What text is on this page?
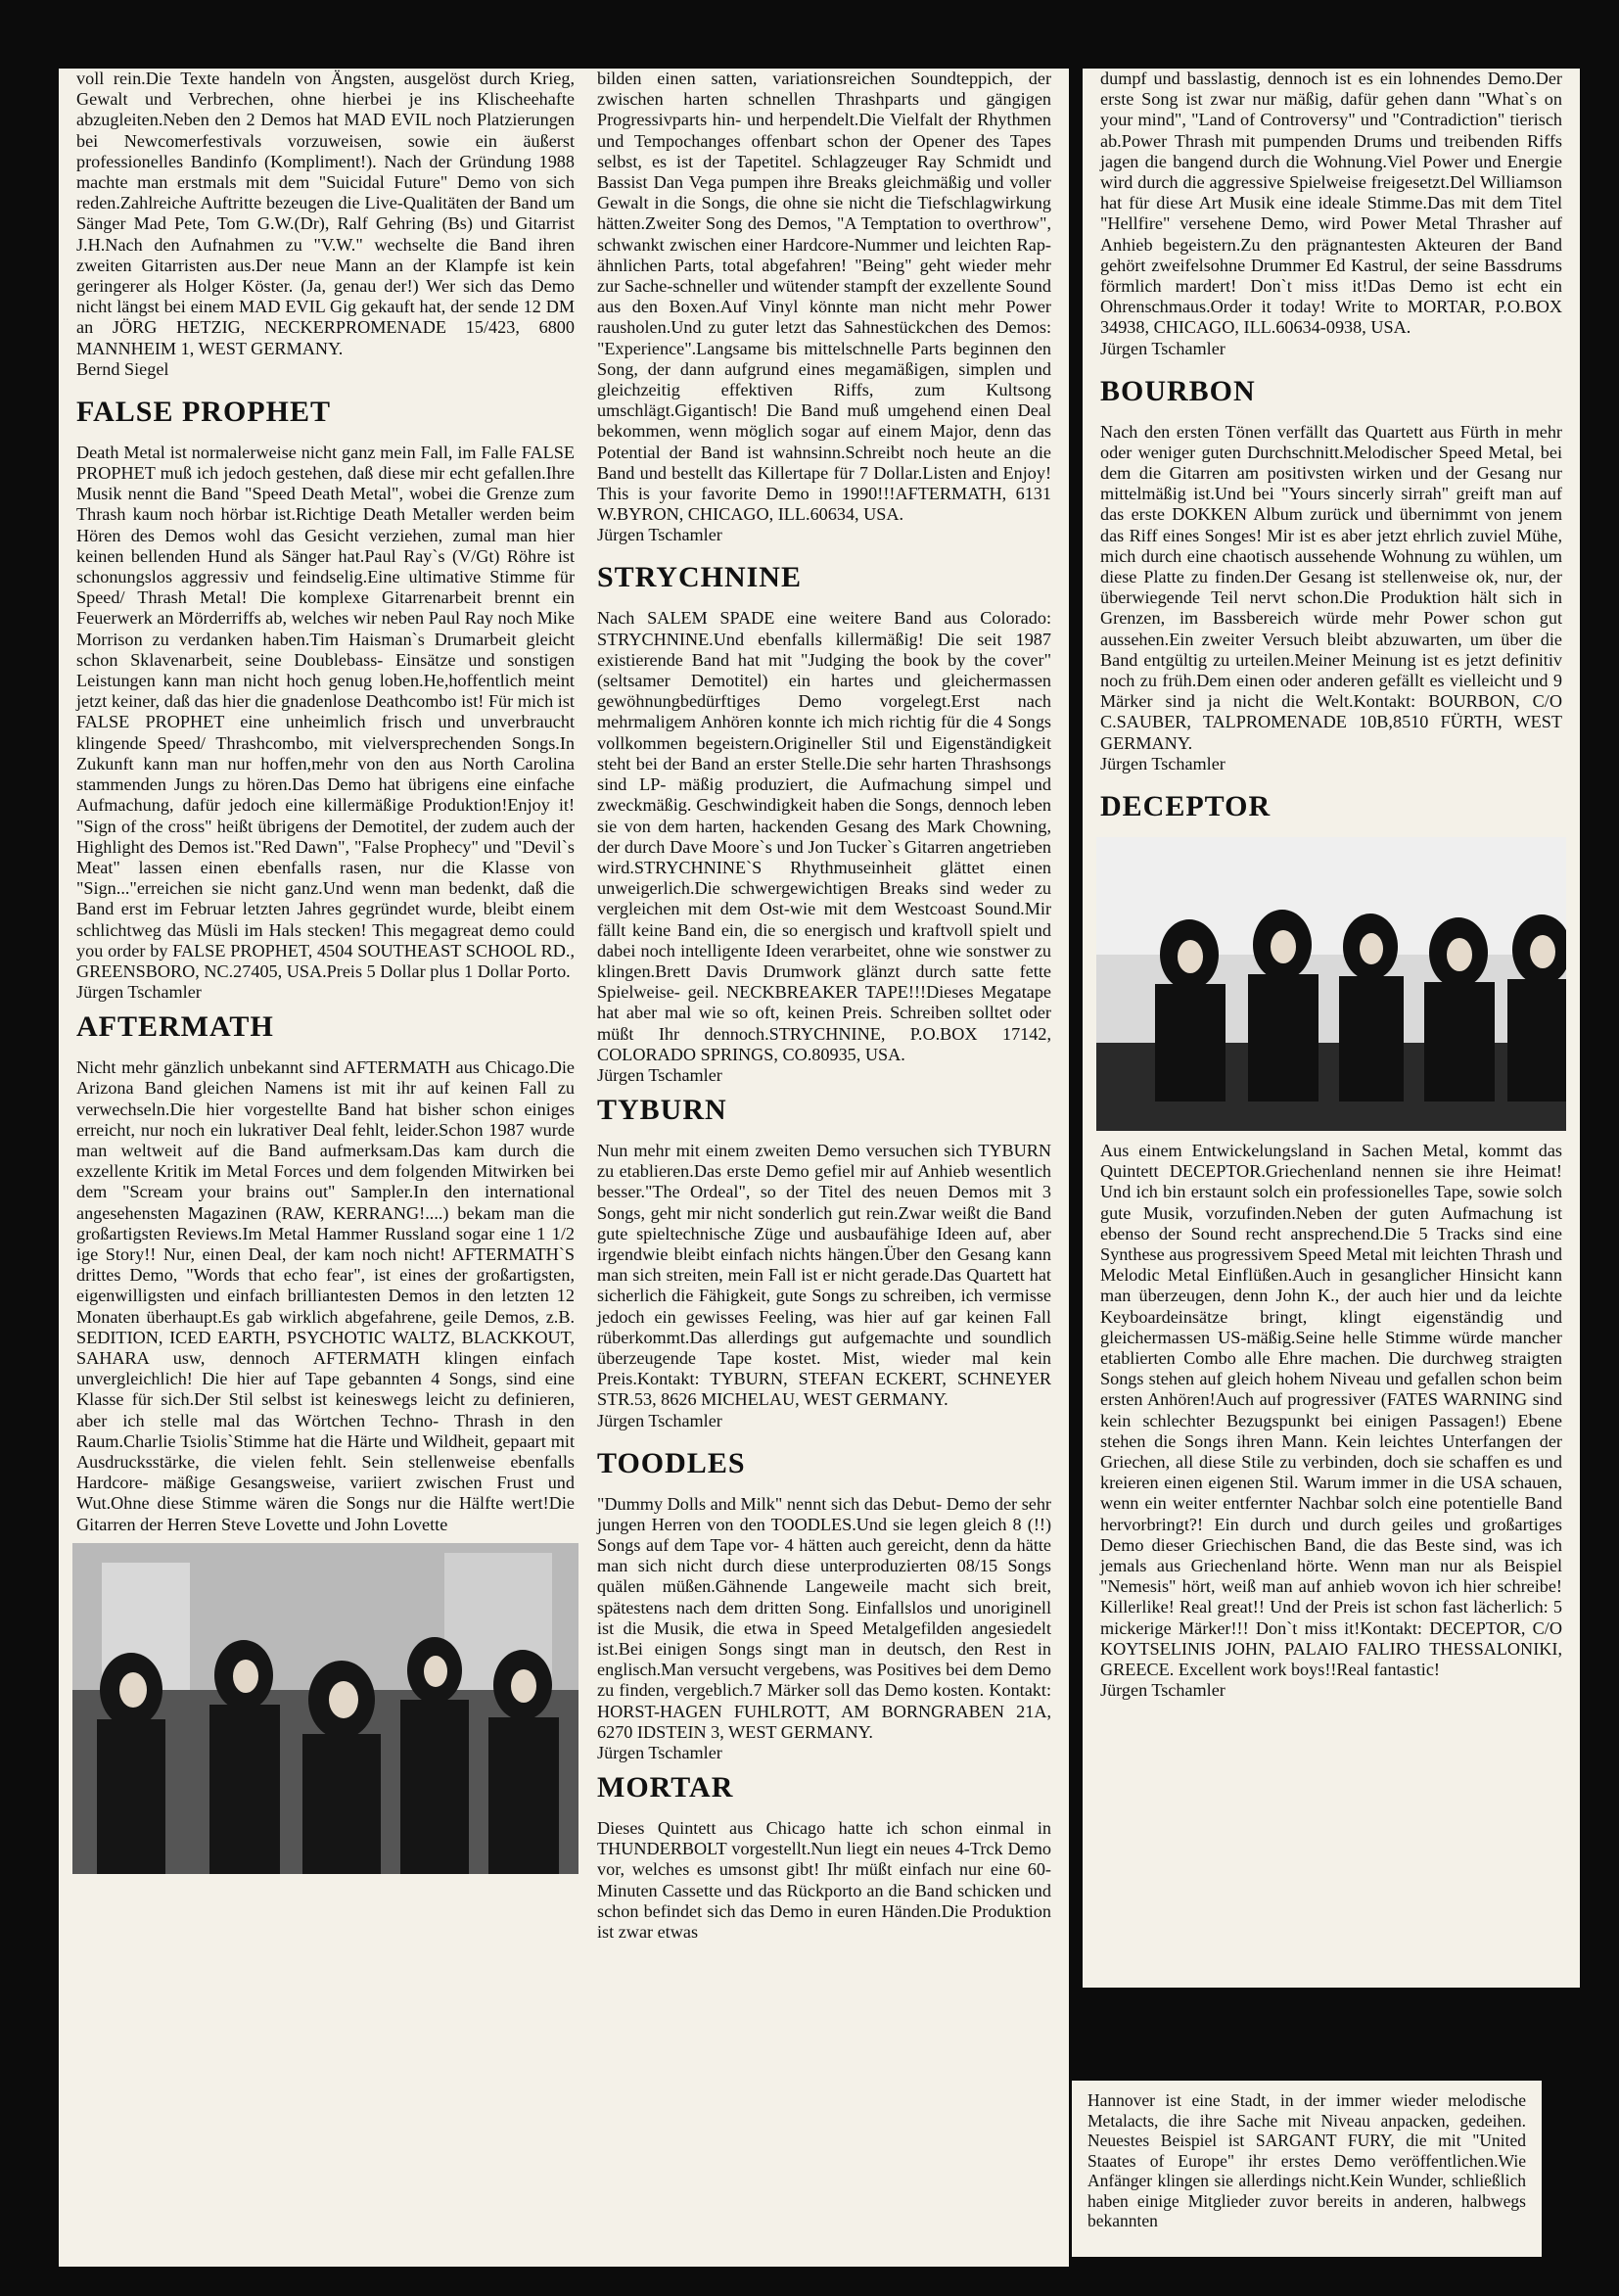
voll rein.Die Texte handeln von Ängsten, ausgelöst durch Krieg, Gewalt und Verbrechen, ohne hierbei je ins Klischeehafte abzugleiten.Neben den 2 Demos hat MAD EVIL noch Platzierungen bei Newcomerfestivals vorzuweisen, sowie ein äußerst professionelles Bandinfo (Kompliment!). Nach der Gründung 1988 machte man erstmals mit dem "Suicidal Future" Demo von sich reden.Zahlreiche Auftritte bezeugen die Live-Qualitäten der Band um Sänger Mad Pete, Tom G.W.(Dr), Ralf Gehring (Bs) und Gitarrist J.H.Nach den Aufnahmen zu "V.W." wechselte die Band ihren zweiten Gitarristen aus.Der neue Mann an der Klampfe ist kein geringerer als Holger Köster. (Ja, genau der!) Wer sich das Demo nicht längst bei einem MAD EVIL Gig gekauft hat, der sende 12 DM an JÖRG HETZIG, NECKERPROMENADE 15/423, 6800 MANNHEIM 1, WEST GERMANY.

Bernd Siegel

FALSE PROPHET

Death Metal ist normalerweise nicht ganz mein Fall, im Falle FALSE PROPHET muß ich jedoch gestehen, daß diese mir echt gefallen.Ihre Musik nennt die Band "Speed Death Metal", wobei die Grenze zum Thrash kaum noch hörbar ist.Richtige Death Metaller werden beim Hören des Demos wohl das Gesicht verziehen, zumal man hier keinen bellenden Hund als Sänger hat.Paul Ray`s (V/Gt) Röhre ist schonungslos aggressiv und feindselig.Eine ultimative Stimme für Speed/ Thrash Metal! Die komplexe Gitarrenarbeit brennt ein Feuerwerk an Mörderriffs ab, welches wir neben Paul Ray noch Mike Morrison zu verdanken haben.Tim Haisman`s Drumarbeit gleicht schon Sklavenarbeit, seine Doublebass- Einsätze und sonstigen Leistungen kann man nicht hoch genug loben.He,hoffentlich meint jetzt keiner, daß das hier die gnadenlose Deathcombo ist! Für mich ist FALSE PROPHET eine unheimlich frisch und unverbraucht klingende Speed/ Thrashcombo, mit vielversprechenden Songs.In Zukunft kann man nur hoffen,mehr von den aus North Carolina stammenden Jungs zu hören.Das Demo hat übrigens eine einfache Aufmachung, dafür jedoch eine killermäßige Produktion!Enjoy it! "Sign of the cross" heißt übrigens der Demotitel, der zudem auch der Highlight des Demos ist."Red Dawn", "False Prophecy" und "Devil`s Meat" lassen einen ebenfalls rasen, nur die Klasse von "Sign..."erreichen sie nicht ganz.Und wenn man bedenkt, daß die Band erst im Februar letzten Jahres gegründet wurde, bleibt einem schlichtweg das Müsli im Hals stecken! This megagreat demo could you order by FALSE PROPHET, 4504 SOUTHEAST SCHOOL RD., GREENSBORO, NC.27405, USA.Preis 5 Dollar plus 1 Dollar Porto.

Jürgen Tschamler

AFTERMATH

Nicht mehr gänzlich unbekannt sind AFTERMATH aus Chicago.Die Arizona Band gleichen Namens ist mit ihr auf keinen Fall zu verwechseln.Die hier vorgestellte Band hat bisher schon einiges erreicht, nur noch ein lukrativer Deal fehlt, leider.Schon 1987 wurde man weltweit auf die Band aufmerksam.Das kam durch die exzellente Kritik im Metal Forces und dem folgenden Mitwirken bei dem "Scream your brains out" Sampler.In den international angesehensten Magazinen (RAW, KERRANG!....) bekam man die großartigsten Reviews.Im Metal Hammer Russland sogar eine 1 1/2 ige Story!! Nur, einen Deal, der kam noch nicht! AFTERMATH`S drittes Demo, "Words that echo fear", ist eines der großartigsten, eigenwilligsten und einfach brilliantesten Demos in den letzten 12 Monaten überhaupt.Es gab wirklich abgefahrene, geile Demos, z.B. SEDITION, ICED EARTH, PSYCHOTIC WALTZ, BLACKKOUT, SAHARA usw, dennoch AFTERMATH klingen einfach unvergleichlich! Die hier auf Tape gebannten 4 Songs, sind eine Klasse für sich.Der Stil selbst ist keineswegs leicht zu definieren, aber ich stelle mal das Wörtchen Techno- Thrash in den Raum.Charlie Tsiolis`Stimme hat die Härte und Wildheit, gepaart mit Ausdrucksstärke, die vielen fehlt. Sein stellenweise ebenfalls Hardcore- mäßige Gesangsweise, variiert zwischen Frust und Wut.Ohne diese Stimme wären die Songs nur die Hälfte wert!Die Gitarren der Herren Steve Lovette und John Lovette

bilden einen satten, variationsreichen Soundteppich, der zwischen harten schnellen Thrashparts und gängigen Progressivparts hin- und herpendelt.Die Vielfalt der Rhythmen und Tempochanges offenbart schon der Opener des Tapes selbst, es ist der Tapetitel. Schlagzeuger Ray Schmidt und Bassist Dan Vega pumpen ihre Breaks gleichmäßig und voller Gewalt in die Songs, die ohne sie nicht die Tiefschlagwirkung hätten.Zweiter Song des Demos, "A Temptation to overthrow", schwankt zwischen einer Hardcore-Nummer und leichten Rap- ähnlichen Parts, total abgefahren! "Being" geht wieder mehr zur Sache-schneller und wütender stampft der exzellente Sound aus den Boxen.Auf Vinyl könnte man nicht mehr Power rausholen.Und zu guter letzt das Sahnestückchen des Demos: "Experience".Langsame bis mittelschnelle Parts beginnen den Song, der dann aufgrund eines megamäßigen, simplen und gleichzeitig effektiven Riffs, zum Kultsong umschlägt.Gigantisch! Die Band muß umgehend einen Deal bekommen, wenn möglich sogar auf einem Major, denn das Potential der Band ist wahnsinn.Schreibt noch heute an die Band und bestellt das Killertape für 7 Dollar.Listen and Enjoy! This is your favorite Demo in 1990!!!AFTERMATH, 6131 W.BYRON, CHICAGO, ILL.60634, USA.

Jürgen Tschamler

STRYCHNINE

Nach SALEM SPADE eine weitere Band aus Colorado: STRYCHNINE.Und ebenfalls killermäßig! Die seit 1987 existierende Band hat mit "Judging the book by the cover" (seltsamer Demotitel) ein hartes und gleichermassen gewöhnungbedürftiges Demo vorgelegt.Erst nach mehrmaligem Anhören konnte ich mich richtig für die 4 Songs vollkommen begeistern.Origineller Stil und Eigenständigkeit steht bei der Band an erster Stelle.Die sehr harten Thrashsongs sind LP- mäßig produziert, die Aufmachung simpel und zweckmäßig. Geschwindigkeit haben die Songs, dennoch leben sie von dem harten, hackenden Gesang des Mark Chowning, der durch Dave Moore`s und Jon Tucker`s Gitarren angetrieben wird.STRYCHNINE`S Rhythmuseinheit glättet einen unweigerlich.Die schwergewichtigen Breaks sind weder zu vergleichen mit dem Ost-wie mit dem Westcoast Sound.Mir fällt keine Band ein, die so energisch und kraftvoll spielt und dabei noch intelligente Ideen verarbeitet, ohne wie sonstwer zu klingen.Brett Davis Drumwork glänzt durch satte fette Spielweise- geil. NECKBREAKER TAPE!!!Dieses Megatape hat aber mal wie so oft, keinen Preis. Schreiben solltet oder müßt Ihr dennoch.STRYCHNINE, P.O.BOX 17142, COLORADO SPRINGS, CO.80935, USA.

Jürgen Tschamler

TYBURN

Nun mehr mit einem zweiten Demo versuchen sich TYBURN zu etablieren.Das erste Demo gefiel mir auf Anhieb wesentlich besser."The Ordeal", so der Titel des neuen Demos mit 3 Songs, geht mir nicht sonderlich gut rein.Zwar weißt die Band gute spieltechnische Züge und ausbaufähige Ideen auf, aber irgendwie bleibt einfach nichts hängen.Über den Gesang kann man sich streiten, mein Fall ist er nicht gerade.Das Quartett hat sicherlich die Fähigkeit, gute Songs zu schreiben, ich vermisse jedoch ein gewisses Feeling, was hier auf gar keinen Fall rüberkommt.Das allerdings gut aufgemachte und soundlich überzeugende Tape kostet. Mist, wieder mal kein Preis.Kontakt: TYBURN, STEFAN ECKERT, SCHNEYER STR.53, 8626 MICHELAU, WEST GERMANY.

Jürgen Tschamler

TOODLES

"Dummy Dolls and Milk" nennt sich das Debut- Demo der sehr jungen Herren von den TOODLES.Und sie legen gleich 8 (!!) Songs auf dem Tape vor- 4 hätten auch gereicht, denn da hätte man sich nicht durch diese unterproduzierten 08/15 Songs quälen müßen.Gähnende Langeweile macht sich breit, spätestens nach dem dritten Song. Einfallslos und unoriginell ist die Musik, die etwa in Speed Metalgefilden angesiedelt ist.Bei einigen Songs singt man in deutsch, den Rest in englisch.Man versucht vergebens, was Positives bei dem Demo zu finden, vergeblich.7 Märker soll das Demo kosten. Kontakt: HORST-HAGEN FUHLROTT, AM BORNGRABEN 21A, 6270 IDSTEIN 3, WEST GERMANY.

Jürgen Tschamler

MORTAR

Dieses Quintett aus Chicago hatte ich schon einmal in THUNDERBOLT vorgestellt.Nun liegt ein neues 4-Trck Demo vor, welches es umsonst gibt! Ihr müßt einfach nur eine 60-Minuten Cassette und das Rückporto an die Band schicken und schon befindet sich das Demo in euren Händen.Die Produktion ist zwar etwas

dumpf und basslastig, dennoch ist es ein lohnendes Demo.Der erste Song ist zwar nur mäßig, dafür gehen dann "What`s on your mind", "Land of Controversy" und "Contradiction" tierisch ab.Power Thrash mit pumpenden Drums und treibenden Riffs jagen die bangend durch die Wohnung.Viel Power und Energie wird durch die aggressive Spielweise freigesetzt.Del Williamson hat für diese Art Musik eine ideale Stimme.Das mit dem Titel "Hellfire" versehene Demo, wird Power Metal Thrasher auf Anhieb begeistern.Zu den prägnantesten Akteuren der Band gehört zweifelsohne Drummer Ed Kastrul, der seine Bassdrums förmlich mardert! Don`t miss it!Das Demo ist echt ein Ohrenschmaus.Order it today! Write to MORTAR, P.O.BOX 34938, CHICAGO, ILL.60634-0938, USA.

Jürgen Tschamler

BOURBON

Nach den ersten Tönen verfällt das Quartett aus Fürth in mehr oder weniger guten Durchschnitt.Melodischer Speed Metal, bei dem die Gitarren am positivsten wirken und der Gesang nur mittelmäßig ist.Und bei "Yours sincerly sirrah" greift man auf das erste DOKKEN Album zurück und übernimmt von jenem das Riff eines Songes! Mir ist es aber jetzt ehrlich zuviel Mühe, mich durch eine chaotisch aussehende Wohnung zu wühlen, um diese Platte zu finden.Der Gesang ist stellenweise ok, nur, der überwiegende Teil nervt schon.Die Produktion hält sich in Grenzen, im Bassbereich würde mehr Power schon gut aussehen.Ein zweiter Versuch bleibt abzuwarten, um über die Band entgültig zu urteilen.Meiner Meinung ist es jetzt definitiv noch zu früh.Dem einen oder anderen gefällt es vielleicht und 9 Märker sind ja nicht die Welt.Kontakt: BOURBON, C/O C.SAUBER, TALPROMENADE 10B,8510 FÜRTH, WEST GERMANY.

Jürgen Tschamler

DECEPTOR

Aus einem Entwickelungsland in Sachen Metal, kommt das Quintett DECEPTOR.Griechenland nennen sie ihre Heimat! Und ich bin erstaunt solch ein professionelles Tape, sowie solch gute Musik, vorzufinden.Neben der guten Aufmachung ist ebenso der Sound recht ansprechend.Die 5 Tracks sind eine Synthese aus progressivem Speed Metal mit leichten Thrash und Melodic Metal Einflüßen.Auch in gesanglicher Hinsicht kann man überzeugen, denn John K., der auch hier und da leichte Keyboardeinsätze bringt, klingt eigenständig und gleichermassen US-mäßig.Seine helle Stimme würde mancher etablierten Combo alle Ehre machen. Die durchweg straigten Songs stehen auf gleich hohem Niveau und gefallen schon beim ersten Anhören!Auch auf progressiver (FATES WARNING sind kein schlechter Bezugspunkt bei einigen Passagen!) Ebene stehen die Songs ihren Mann. Kein leichtes Unterfangen der Griechen, all diese Stile zu verbinden, doch sie schaffen es und kreieren einen eigenen Stil. Warum immer in die USA schauen, wenn ein weiter entfernter Nachbar solch eine potentielle Band hervorbringt?! Ein durch und durch geiles und großartiges Demo dieser Griechischen Band, die das Beste sind, was ich jemals aus Griechenland hörte. Wenn man nur als Beispiel "Nemesis" hört, weiß man auf anhieb wovon ich hier schreibe! Killerlike! Real great!! Und der Preis ist schon fast lächerlich: 5 mickerige Märker!!! Don`t miss it!Kontakt: DECEPTOR, C/O KOYTSELINIS JOHN, PALAIO FALIRO THESSALONIKI, GREECE. Excellent work boys!!Real fantastic!

Jürgen Tschamler

Hannover ist eine Stadt, in der immer wieder melodische Metalacts, die ihre Sache mit Niveau anpacken, gedeihen. Neuestes Beispiel ist SARGANT FURY, die mit "United Staates of Europe" ihr erstes Demo veröffentlichen.Wie Anfänger klingen sie allerdings nicht.Kein Wunder, schließlich haben einige Mitglieder zuvor bereits in anderen, halbwegs bekannten
